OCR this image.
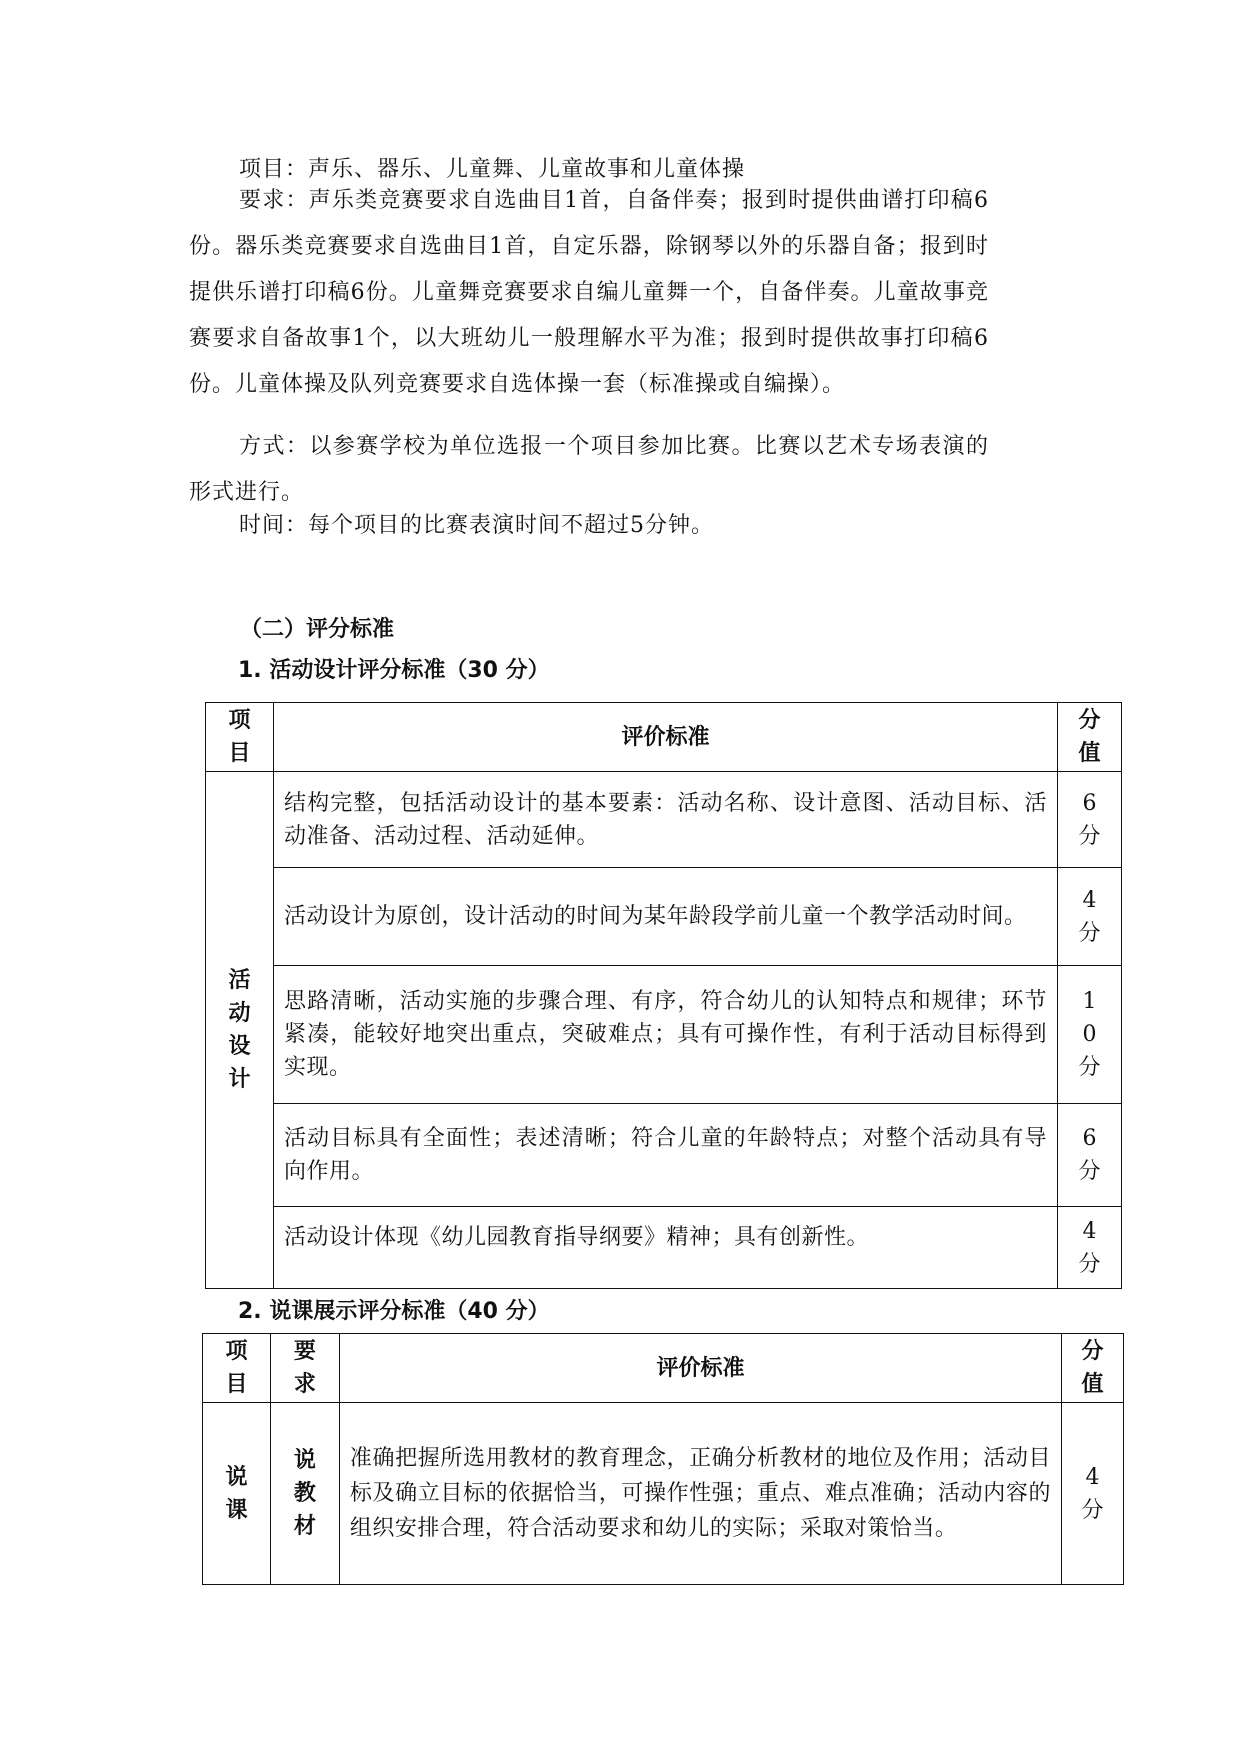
项目：声乐、器乐、儿童舞、儿童故事和儿童体操
要求：声乐类竞赛要求自选曲目1首，自备伴奏；报到时提供曲谱打印稿6份。器乐类竞赛要求自选曲目1首，自定乐器，除钢琴以外的乐器自备；报到时提供乐谱打印稿6份。儿童舞竞赛要求自编儿童舞一个，自备伴奏。儿童故事竞赛要求自备故事1个，以大班幼儿一般理解水平为准；报到时提供故事打印稿6份。儿童体操及队列竞赛要求自选体操一套（标准操或自编操）。
方式：以参赛学校为单位选报一个项目参加比赛。比赛以艺术专场表演的形式进行。
时间：每个项目的比赛表演时间不超过5分钟。
（二）评分标准
1. 活动设计评分标准（30 分）
项目	评价标准	分值
活动设计	结构完整，包括活动设计的基本要素：活动名称、设计意图、活动目标、活动准备、活动过程、活动延伸。	6分
	活动设计为原创，设计活动的时间为某年龄段学前儿童一个教学活动时间。	4分
	思路清晰，活动实施的步骤合理、有序，符合幼儿的认知特点和规律；环节紧凑，能较好地突出重点，突破难点；具有可操作性，有利于活动目标得到实现。	10分
	活动目标具有全面性；表述清晰；符合儿童的年龄特点；对整个活动具有导向作用。	6分
	活动设计体现《幼儿园教育指导纲要》精神；具有创新性。	4分
2. 说课展示评分标准（40 分）
项目	要求	评价标准	分值
说课	说教材	准确把握所选用教材的教育理念，正确分析教材的地位及作用；活动目标及确立目标的依据恰当，可操作性强；重点、难点准确；活动内容的组织安排合理，符合活动要求和幼儿的实际；采取对策恰当。	4分
